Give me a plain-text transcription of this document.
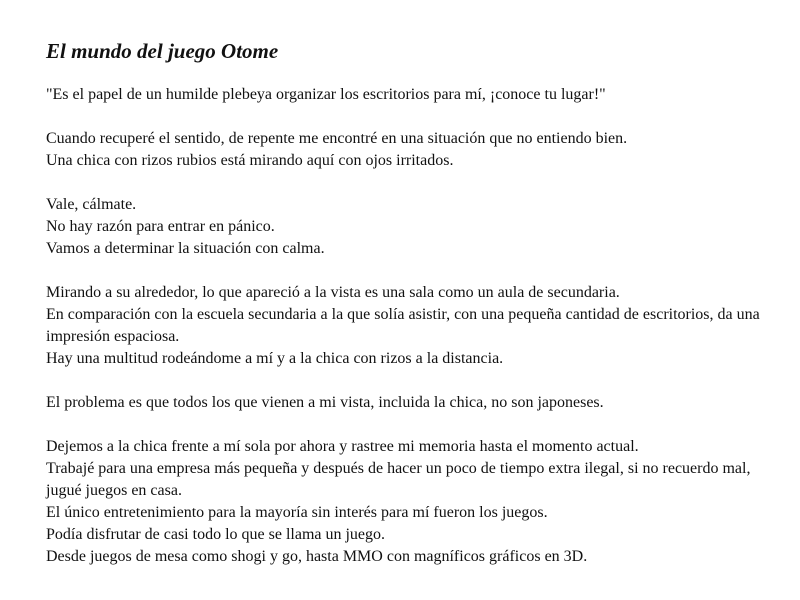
El mundo del juego Otome
"Es el papel de un humilde plebeya organizar los escritorios para mí, ¡conoce tu lugar!"
Cuando recuperé el sentido, de repente me encontré en una situación que no entiendo bien.
Una chica con rizos rubios está mirando aquí con ojos irritados.
Vale, cálmate.
No hay razón para entrar en pánico.
Vamos a determinar la situación con calma.
Mirando a su alrededor, lo que apareció a la vista es una sala como un aula de secundaria.
En comparación con la escuela secundaria a la que solía asistir, con una pequeña cantidad de escritorios, da una impresión espaciosa.
Hay una multitud rodeándome a mí y a la chica con rizos a la distancia.
El problema es que todos los que vienen a mi vista, incluida la chica, no son japoneses.
Dejemos a la chica frente a mí sola por ahora y rastree mi memoria hasta el momento actual.
Trabajé para una empresa más pequeña y después de hacer un poco de tiempo extra ilegal, si no recuerdo mal, jugué juegos en casa.
El único entretenimiento para la mayoría sin interés para mí fueron los juegos.
Podía disfrutar de casi todo lo que se llama un juego.
Desde juegos de mesa como shogi y go, hasta MMO con magníficos gráficos en 3D.
